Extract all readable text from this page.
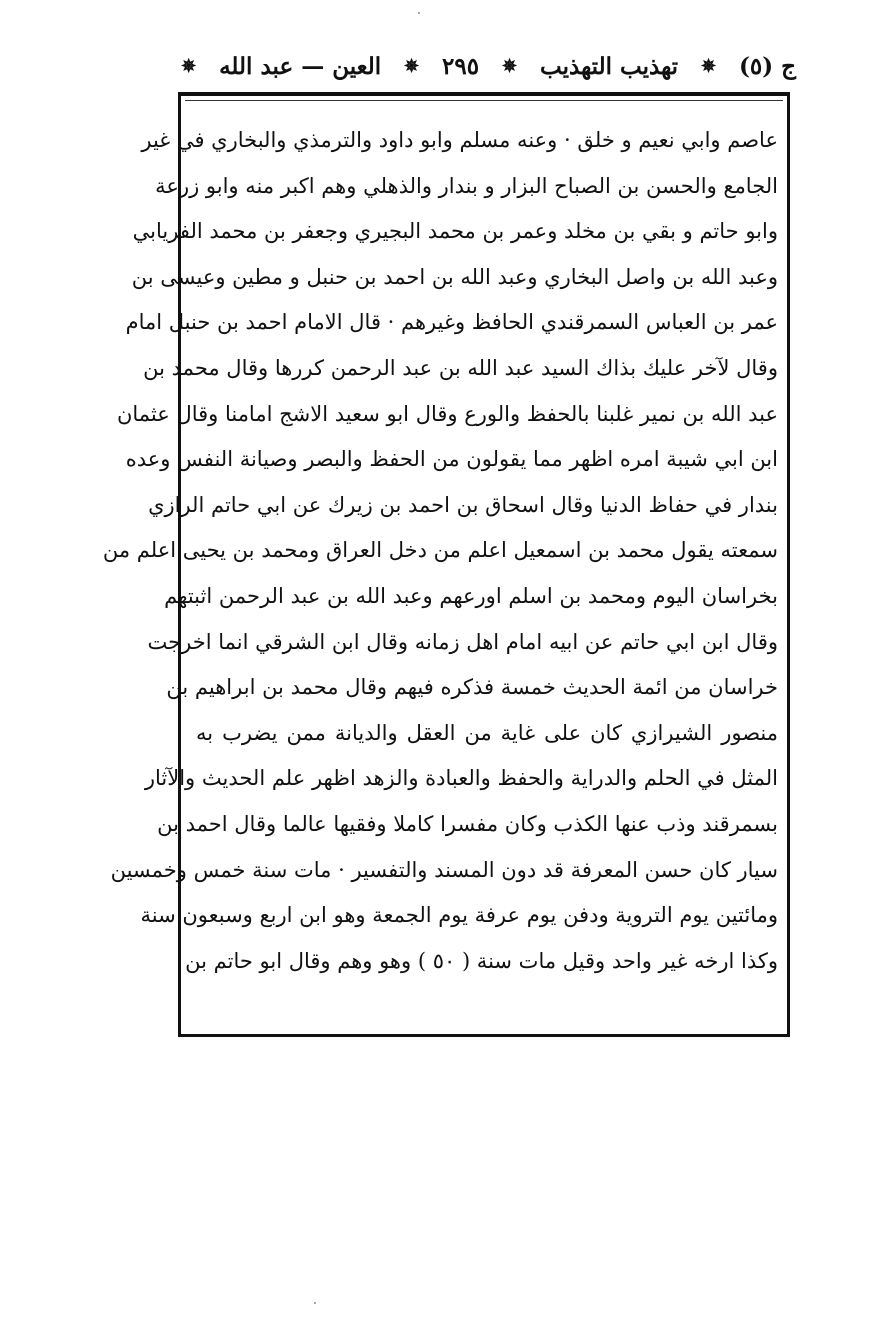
ج (٥)
✵
تهذيب التهذيب
✵
٢٩٥
✵
العين — عبد الله
✵
عاصم وابي نعيم و خلق · وعنه مسلم وابو داود والترمذي والبخاري في غير
الجامع والحسن بن الصباح البزار و بندار والذهلي وهم اكبر منه وابو زرعة
وابو حاتم و بقي بن مخلد وعمر بن محمد البجيري وجعفر بن محمد الفريابي
وعبد الله بن واصل البخاري وعبد الله بن احمد بن حنبل و مطين وعيسى بن
عمر بن العباس السمرقندي الحافظ وغيرهم · قال الامام احمد بن حنبل امام
وقال لآخر عليك بذاك السيد عبد الله بن عبد الرحمن كررها وقال محمد بن
عبد الله بن نمير غلبنا بالحفظ والورع وقال ابو سعيد الاشج امامنا وقال عثمان
ابن ابي شيبة امره اظهر مما يقولون من الحفظ والبصر وصيانة النفس وعده
بندار في حفاظ الدنيا وقال اسحاق بن احمد بن زيرك عن ابي حاتم الرازي
سمعته يقول محمد بن اسمعيل اعلم من دخل العراق ومحمد بن يحيى اعلم من
بخراسان اليوم ومحمد بن اسلم اورعهم وعبد الله بن عبد الرحمن اثبتهم
وقال ابن ابي حاتم عن ابيه امام اهل زمانه وقال ابن الشرقي انما اخرجت
خراسان من ائمة الحديث خمسة فذكره فيهم وقال محمد بن ابراهيم بن
منصور الشيرازي كان على غاية من العقل والديانة ممن يضرب به
المثل في الحلم والدراية والحفظ والعبادة والزهد اظهر علم الحديث والآثار
بسمرقند وذب عنها الكذب وكان مفسرا كاملا وفقيها عالما وقال احمد بن
سيار كان حسن المعرفة قد دون المسند والتفسير · مات سنة خمس وخمسين
ومائتين يوم التروية ودفن يوم عرفة يوم الجمعة وهو ابن اربع وسبعون سنة
وكذا ارخه غير واحد وقيل مات سنة ( ٥٠ ) وهو وهم وقال ابو حاتم بن
